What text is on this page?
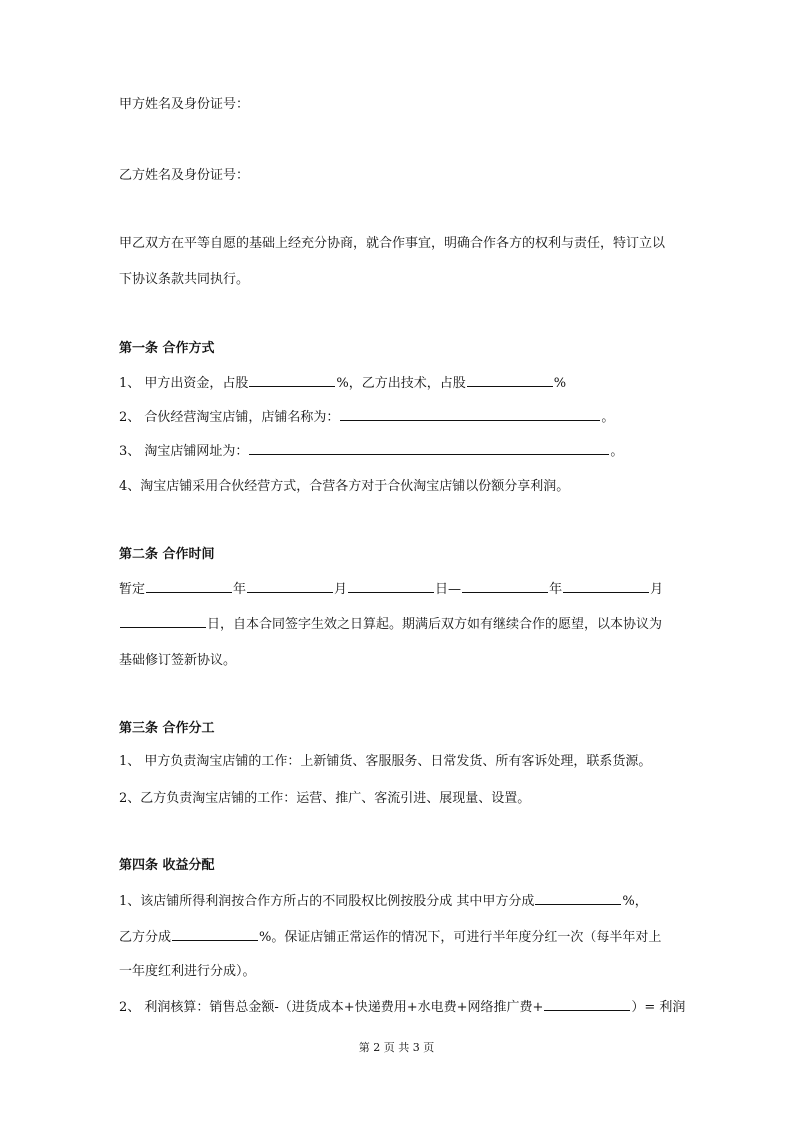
甲方姓名及身份证号：
乙方姓名及身份证号：
甲乙双方在平等自愿的基础上经充分协商，就合作事宜，明确合作各方的权利与责任，特订立以
下协议条款共同执行。
第一条 合作方式
1、 甲方出资金，占股	%，乙方出技术，占股	%
2、 合伙经营淘宝店铺，店铺名称为：	。
3、 淘宝店铺网址为：	。
4、淘宝店铺采用合伙经营方式，合营各方对于合伙淘宝店铺以份额分享利润。
第二条 合作时间
暂定	年	月	日—	年	月
日，自本合同签字生效之日算起。期满后双方如有继续合作的愿望，以本协议为
基础修订签新协议。
第三条 合作分工
1、 甲方负责淘宝店铺的工作：上新铺货、客服服务、日常发货、所有客诉处理，联系货源。
2、乙方负责淘宝店铺的工作：运营、推广、客流引进、展现量、设置。
第四条 收益分配
1、该店铺所得利润按合作方所占的不同股权比例按股分成 其中甲方分成	%，
乙方分成	%。保证店铺正常运作的情况下，可进行半年度分红一次（每半年对上
一年度红利进行分成）。
2、 利润核算：销售总金额-（进货成本+快递费用+水电费+网络推广费+	）= 利润
第 2 页 共 3 页
